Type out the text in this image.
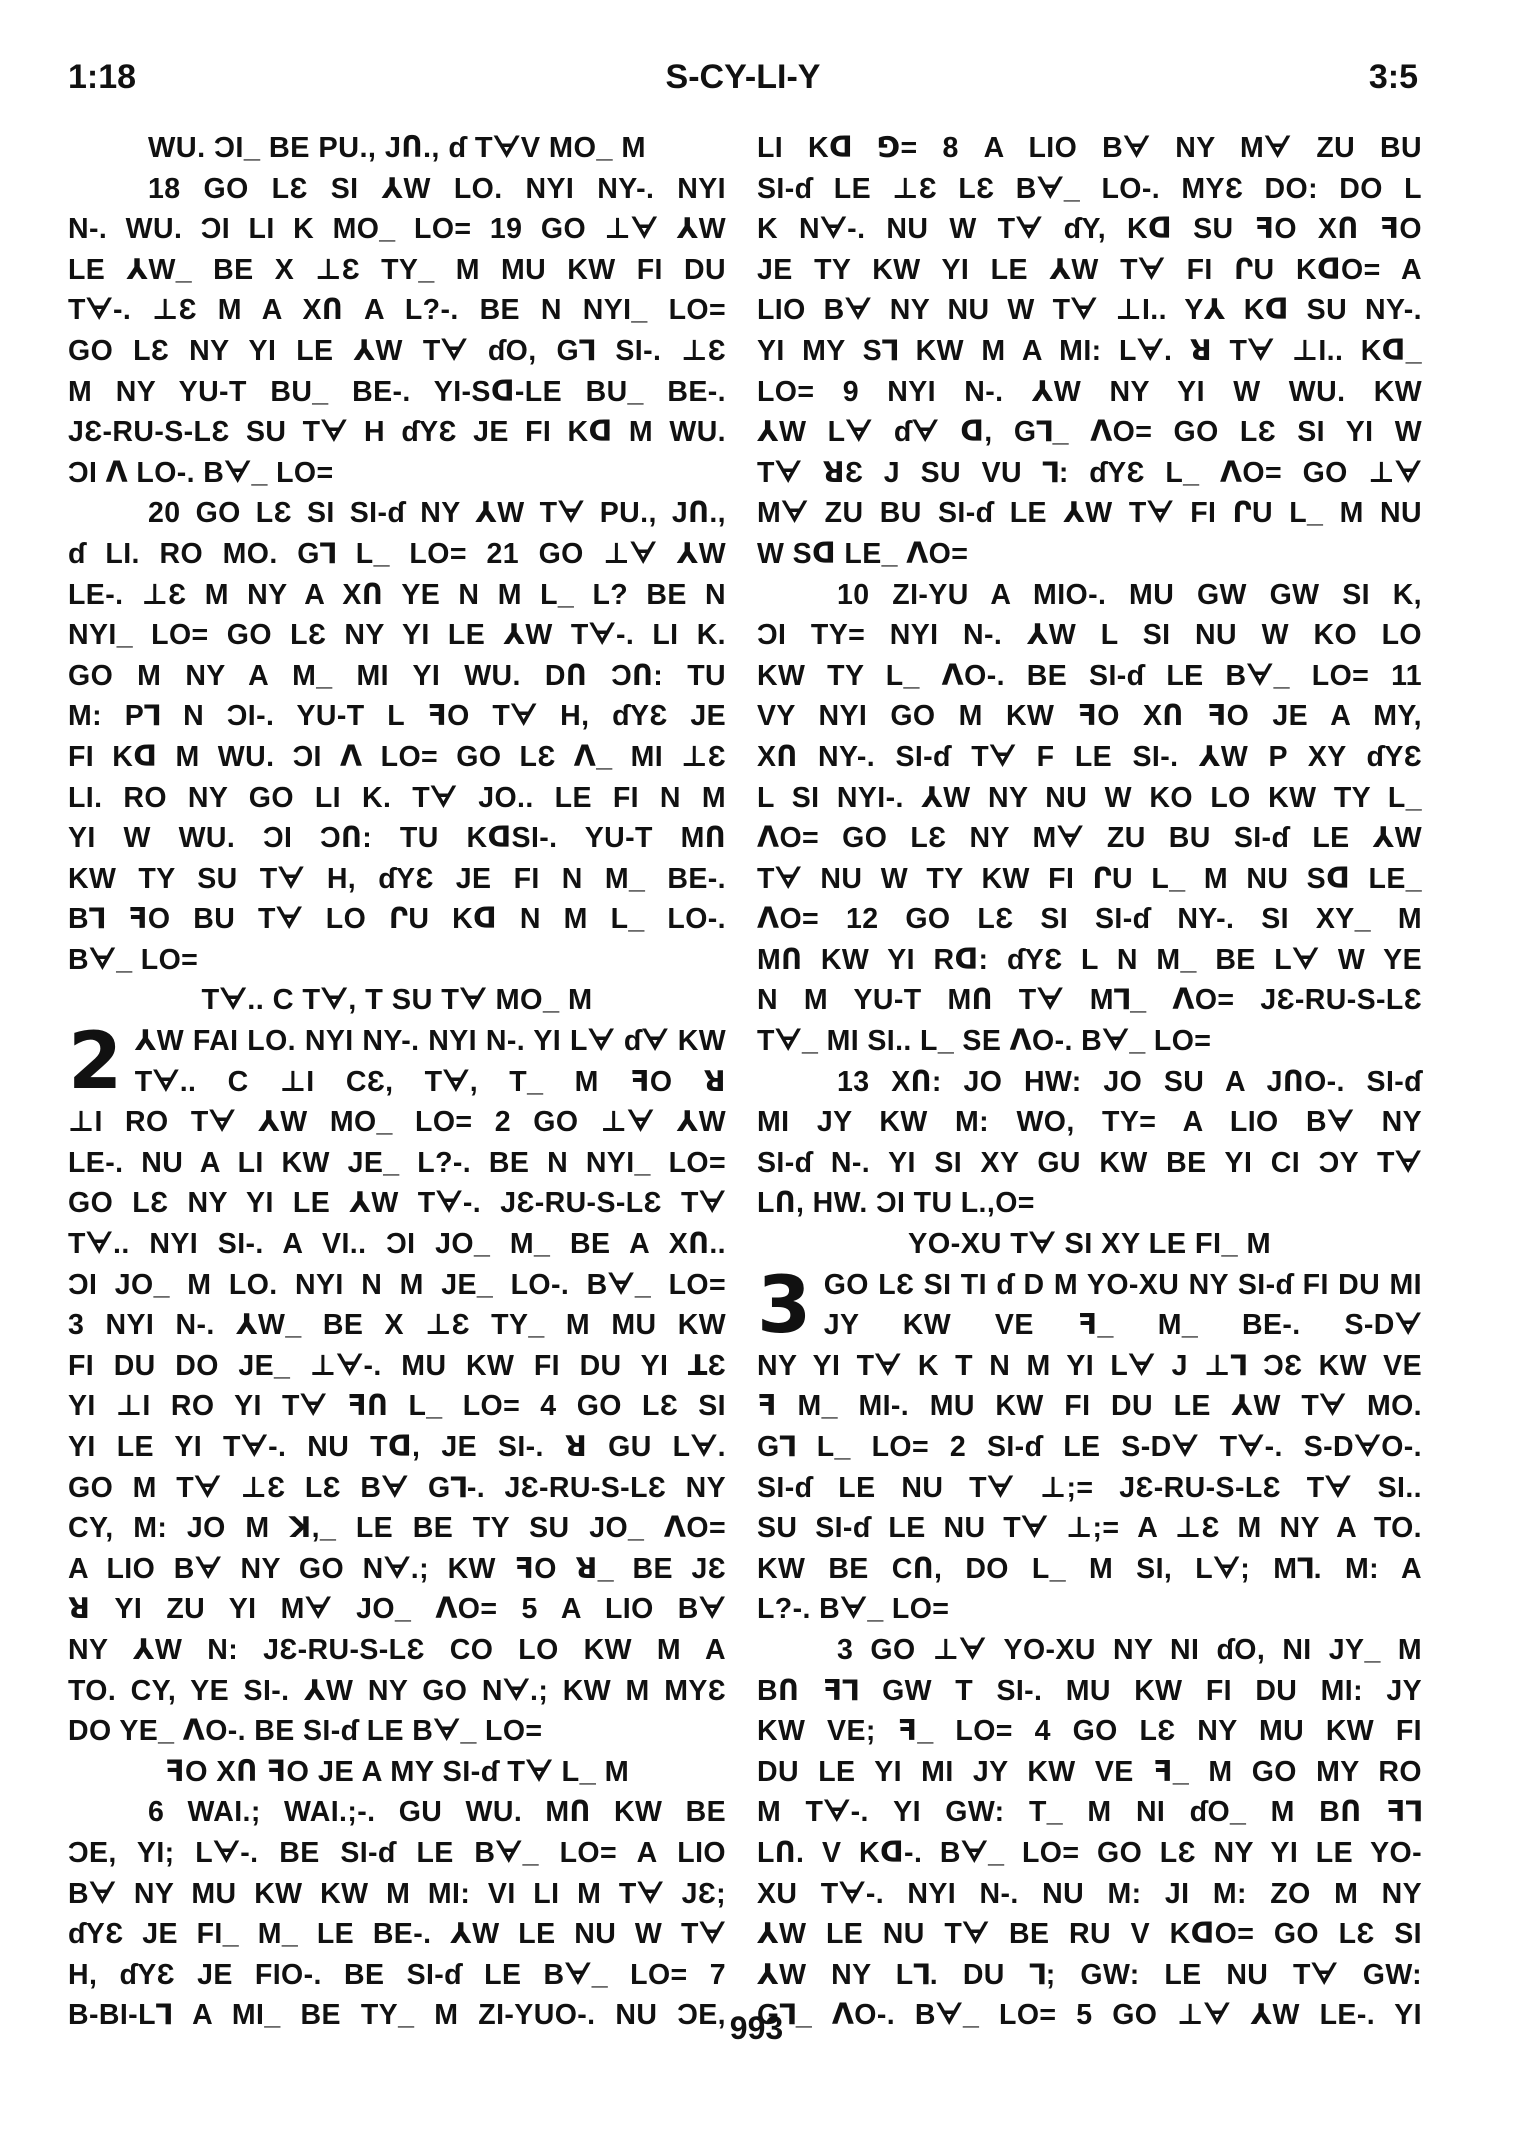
1:18	S-CY-LI-Y	3:5

WU. ƆI_ BE PU., JՈ., ɗ TᗄV MO_ M

18 GO LƐ SI ⅄W LO. NYI NY-. NYI

N-. WU. ƆI LI K MO_ LO= 19 GO ⊥ᗄ ⅄W

LE ⅄W_ BE X ⊥Ɛ TY_ M MU KW FI DU

Tᗄ-. ⊥Ɛ M A XՈ A L?-. BE N NYI_ LO=

GO LƐ NY YI LE ⅄W Tᗄ ɗO, Gꓶ SI-. ⊥Ɛ

M NY YU-T BU_ BE-. YI-Sᗡ-LE BU_ BE-.

JƐ-RU-S-LƐ SU Tᗄ H ɗYƐ JE FI Kᗡ M WU.

ƆI ᐱ LO-. Bᗄ_ LO=

20 GO LƐ SI SI-ɗ NY ⅄W Tᗄ PU., JՈ.,

ɗ LI. RO MO. Gꓶ L_ LO= 21 GO ⊥ᗄ ⅄W

LE-. ⊥Ɛ M NY A XՈ YE N M L_ L? BE N

NYI_ LO= GO LƐ NY YI LE ⅄W Tᗄ-. LI K.

GO M NY A M_ MI YI WU. DՈ ƆՈ: TU

M: Pꓶ N ƆI-. YU-T L ꟻO Tᗄ H, ɗYƐ JE

FI Kᗡ M WU. ƆI ᐱ LO= GO LƐ ᐱ_ MI ⊥Ɛ

LI. RO NY GO LI K. Tᗄ JO.. LE FI N M

YI W WU. ƆI ƆՈ: TU KᗡSI-. YU-T MՈ

KW TY SU Tᗄ H, ɗYƐ JE FI N M_ BE-.

Bꓶ ꟻO BU Tᗄ LO ՐU Kᗡ N M L_ LO-.

Bᗄ_ LO=

Tᗄ.. C Tᗄ, T SU Tᗄ MO_ M

2 ⅄W FAI LO. NYI NY-. NYI N-. YI Lᗄ ɗᗄ KW Tᗄ.. C ⊥I CƐ, Tᗄ, T_ M ꟻO ꓤ

⊥I RO Tᗄ ⅄W MO_ LO= 2 GO ⊥ᗄ ⅄W

LE-. NU A LI KW JE_ L?-. BE N NYI_ LO=

GO LƐ NY YI LE ⅄W Tᗄ-. JƐ-RU-S-LƐ Tᗄ

Tᗄ.. NYI SI-. A VI.. ƆI JO_ M_ BE A XՈ..

ƆI JO_ M LO. NYI N M JE_ LO-. Bᗄ_ LO=

3 NYI N-. ⅄W_ BE X ⊥Ɛ TY_ M MU KW

FI DU DO JE_ ⊥ᗄ-. MU KW FI DU YI ꓕƐ

YI ⊥I RO YI Tᗄ ꟻՈ L_ LO= 4 GO LƐ SI

YI LE YI Tᗄ-. NU Tᗡ, JE SI-. ꓤ GU Lᗄ.

GO M Tᗄ ⊥Ɛ LƐ Bᗄ Gꓶ-. JƐ-RU-S-LƐ NY

CY, M: JO M ꓘ,_ LE BE TY SU JO_ ᐱO=

A LIO Bᗄ NY GO Nᗄ.; KW ꟻO ꓤ_ BE JƐ

ꓤ YI ZU YI Mᗄ JO_ ᐱO= 5 A LIO Bᗄ

NY ⅄W N: JƐ-RU-S-LƐ CO LO KW M A

TO. CY, YE SI-. ⅄W NY GO Nᗄ.; KW M MYƐ

DO YE_ ᐱO-. BE SI-ɗ LE Bᗄ_ LO=

ꟻO XՈ ꟻO JE A MY SI-ɗ Tᗄ L_ M

6 WAI.; WAI.;-. GU WU. MՈ KW BE

ƆE, YI; Lᗄ-. BE SI-ɗ LE Bᗄ_ LO= A LIO

Bᗄ NY MU KW KW M MI: VI LI M Tᗄ JƐ;

ɗYƐ JE FI_ M_ LE BE-. ⅄W LE NU W Tᗄ

H, ɗYƐ JE FIO-. BE SI-ɗ LE Bᗄ_ LO= 7

B-BI-Lꓶ A MI_ BE TY_ M ZI-YUO-. NU ƆE,

LI Kᗡ ⅁= 8 A LIO Bᗄ NY Mᗄ ZU BU

SI-ɗ LE ⊥Ɛ LƐ Bᗄ_ LO-. MYƐ DO: DO L

K Nᗄ-. NU W Tᗄ ɗY, Kᗡ SU ꟻO XՈ ꟻO

JE TY KW YI LE ⅄W Tᗄ FI ՐU KᗡO= A

LIO Bᗄ NY NU W Tᗄ ⊥I.. Y⅄ Kᗡ SU NY-.

YI MY Sꓶ KW M A MI: Lᗄ. ꓤ Tᗄ ⊥I.. Kᗡ_

LO= 9 NYI N-. ⅄W NY YI W WU. KW

⅄W Lᗄ ɗᗄ ᗡ, Gꓶ_ ᐱO= GO LƐ SI YI W

Tᗄ ꓤƐ J SU VU ꓶ: ɗYƐ L_ ᐱO= GO ⊥ᗄ

Mᗄ ZU BU SI-ɗ LE ⅄W Tᗄ FI ՐU L_ M NU

W Sᗡ LE_ ᐱO=

10 ZI-YU A MIO-. MU GW GW SI K,

ƆI TY= NYI N-. ⅄W L SI NU W KO LO

KW TY L_ ᐱO-. BE SI-ɗ LE Bᗄ_ LO= 11

VY NYI GO M KW ꟻO XՈ ꟻO JE A MY,

XՈ NY-. SI-ɗ Tᗄ F LE SI-. ⅄W P XY ɗYƐ

L SI NYI-. ⅄W NY NU W KO LO KW TY L_

ᐱO= GO LƐ NY Mᗄ ZU BU SI-ɗ LE ⅄W

Tᗄ NU W TY KW FI ՐU L_ M NU Sᗡ LE_

ᐱO= 12 GO LƐ SI SI-ɗ NY-. SI XY_ M

MՈ KW YI Rᗡ: ɗYƐ L N M_ BE Lᗄ W YE

N M YU-T MՈ Tᗄ Mꓶ_ ᐱO= JƐ-RU-S-LƐ

Tᗄ_ MI SI.. L_ SE ᐱO-. Bᗄ_ LO=

13 XՈ: JO HW: JO SU A JՈO-. SI-ɗ

MI JY KW M: WO, TY= A LIO Bᗄ NY

SI-ɗ N-. YI SI XY GU KW BE YI CI ƆY Tᗄ

LՈ, HW. ƆI TU L.,O=

YO-XU Tᗄ SI XY LE FI_ M

3 GO LƐ SI TI ɗ D M YO-XU NY SI-ɗ FI DU MI JY KW VE ꟻ_ M_ BE-. S-Dᗄ

NY YI Tᗄ K T N M YI Lᗄ J ⊥ꓶ ƆƐ KW VE

ꟻ M_ MI-. MU KW FI DU LE ⅄W Tᗄ MO.

Gꓶ L_ LO= 2 SI-ɗ LE S-Dᗄ Tᗄ-. S-DᗄO-.

SI-ɗ LE NU Tᗄ ⊥;= JƐ-RU-S-LƐ Tᗄ SI..

SU SI-ɗ LE NU Tᗄ ⊥;= A ⊥Ɛ M NY A TO.

KW BE CՈ, DO L_ M SI, Lᗄ; Mꓶ. M: A

L?-. Bᗄ_ LO=

3 GO ⊥ᗄ YO-XU NY NI ɗO, NI JY_ M

BՈ ꟻꓶ GW T SI-. MU KW FI DU MI: JY

KW VE; ꟻ_ LO= 4 GO LƐ NY MU KW FI

DU LE YI MI JY KW VE ꟻ_ M GO MY RO

M Tᗄ-. YI GW: T_ M NI ɗO_ M BՈ ꟻꓶ

LՈ. V Kᗡ-. Bᗄ_ LO= GO LƐ NY YI LE YO-

XU Tᗄ-. NYI N-. NU M: JI M: ZO M NY

⅄W LE NU Tᗄ BE RU V KᗡO= GO LƐ SI

⅄W NY Lꓶ. DU ꓶ; GW: LE NU Tᗄ GW:

Gꓶ_ ᐱO-. Bᗄ_ LO= 5 GO ⊥ᗄ ⅄W LE-. YI

993
